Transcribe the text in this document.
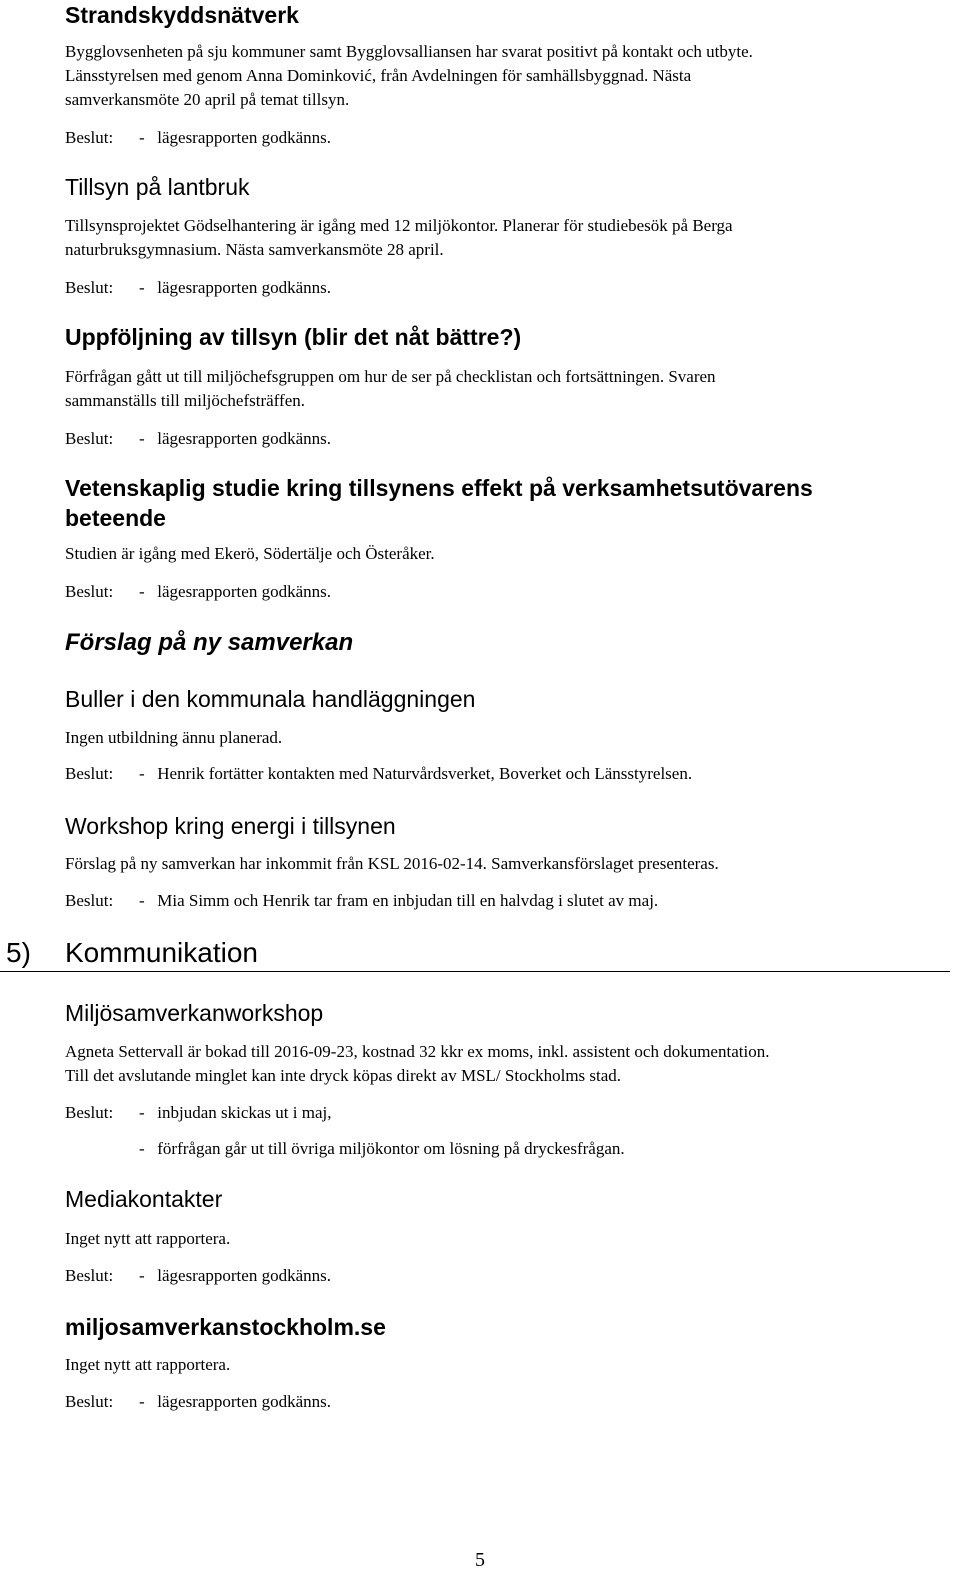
Strandskyddsnätverk

Bygglovsenheten på sju kommuner samt Bygglovsalliansen har svarat positivt på kontakt och utbyte.

Länsstyrelsen med genom Anna Dominković, från Avdelningen för samhällsbyggnad. Nästa

samverkansmöte 20 april på temat tillsyn.

Beslut: - lägesrapporten godkänns.

Tillsyn på lantbruk

Tillsynsprojektet Gödselhantering är igång med 12 miljökontor. Planerar för studiebesök på Berga

naturbruksgymnasium. Nästa samverkansmöte 28 april.

Beslut: - lägesrapporten godkänns.

Uppföljning av tillsyn (blir det nåt bättre?)

Förfrågan gått ut till miljöchefsgruppen om hur de ser på checklistan och fortsättningen. Svaren

sammanställs till miljöchefsträffen.

Beslut: - lägesrapporten godkänns.

Vetenskaplig studie kring tillsynens effekt på verksamhetsutövarens
beteende

Studien är igång med Ekerö, Södertälje och Österåker.

Beslut: - lägesrapporten godkänns.

Förslag på ny samverkan
Buller i den kommunala handläggningen

Ingen utbildning ännu planerad.

Beslut: - Henrik fortätter kontakten med Naturvårdsverket, Boverket och Länsstyrelsen.

Workshop kring energi i tillsynen

Förslag på ny samverkan har inkommit från KSL 2016-02-14. Samverkansförslaget presenteras.

Beslut: - Mia Simm och Henrik tar fram en inbjudan till en halvdag i slutet av maj.

5) Kommunikation
Miljösamverkanworkshop

Agneta Settervall är bokad till 2016-09-23, kostnad 32 kkr ex moms, inkl. assistent och dokumentation.

Till det avslutande minglet kan inte dryck köpas direkt av MSL/ Stockholms stad.

Beslut: - inbjudan skickas ut i maj,

- förfrågan går ut till övriga miljökontor om lösning på dryckesfrågan.

Mediakontakter

Inget nytt att rapportera.

Beslut: - lägesrapporten godkänns.

miljosamverkanstockholm.se

Inget nytt att rapportera.

Beslut: - lägesrapporten godkänns.

5
